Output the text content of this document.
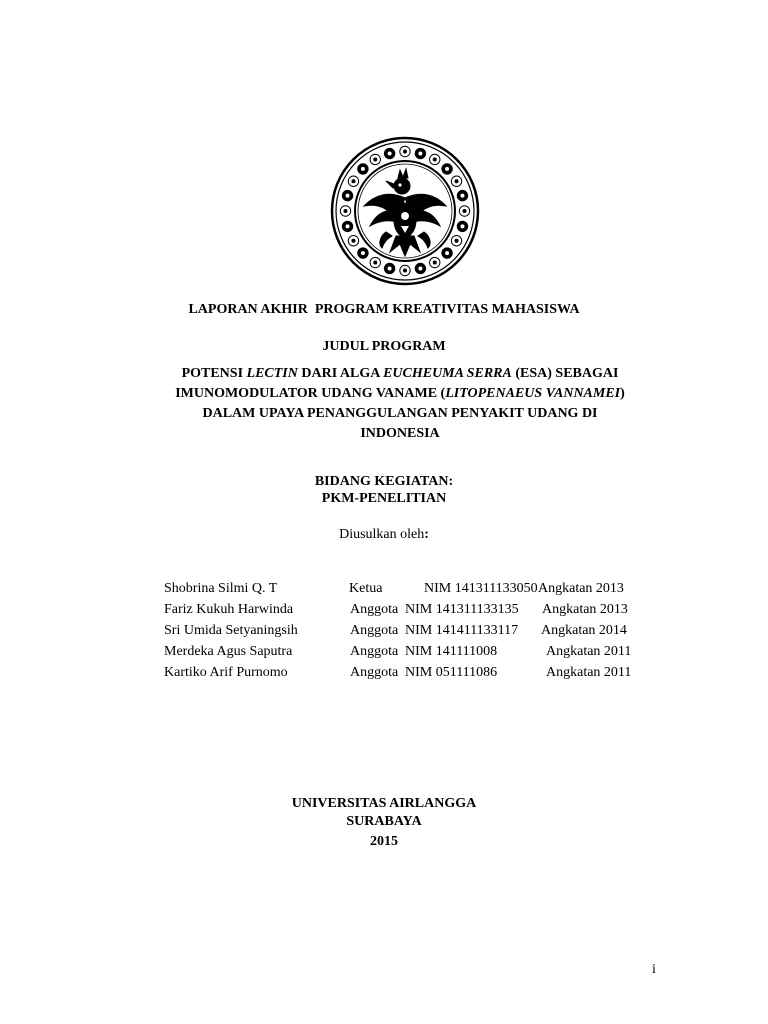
LAPORAN AKHIR  PROGRAM KREATIVITAS MAHASISWA
JUDUL PROGRAM
POTENSI LECTIN DARI ALGA EUCHEUMA SERRA (ESA) SEBAGAI IMUNOMODULATOR UDANG VANAME (LITOPENAEUS VANNAMEI) DALAM UPAYA PENANGGULANGAN PENYAKIT UDANG DI INDONESIA
BIDANG KEGIATAN:
PKM-PENELITIAN
Diusulkan oleh:
Shobrina Silmi Q. T	Ketua	NIM 141311133050 Angkatan 2013
Fariz Kukuh Harwinda	Anggota NIM 141311133135 Angkatan 2013
Sri Umida Setyaningsih	Anggota NIM 141411133117 Angkatan 2014
Merdeka Agus Saputra	Anggota NIM 141111008	Angkatan 2011
Kartiko Arif Purnomo	Anggota NIM 051111086	Angkatan 2011
UNIVERSITAS AIRLANGGA
SURABAYA
2015
i
